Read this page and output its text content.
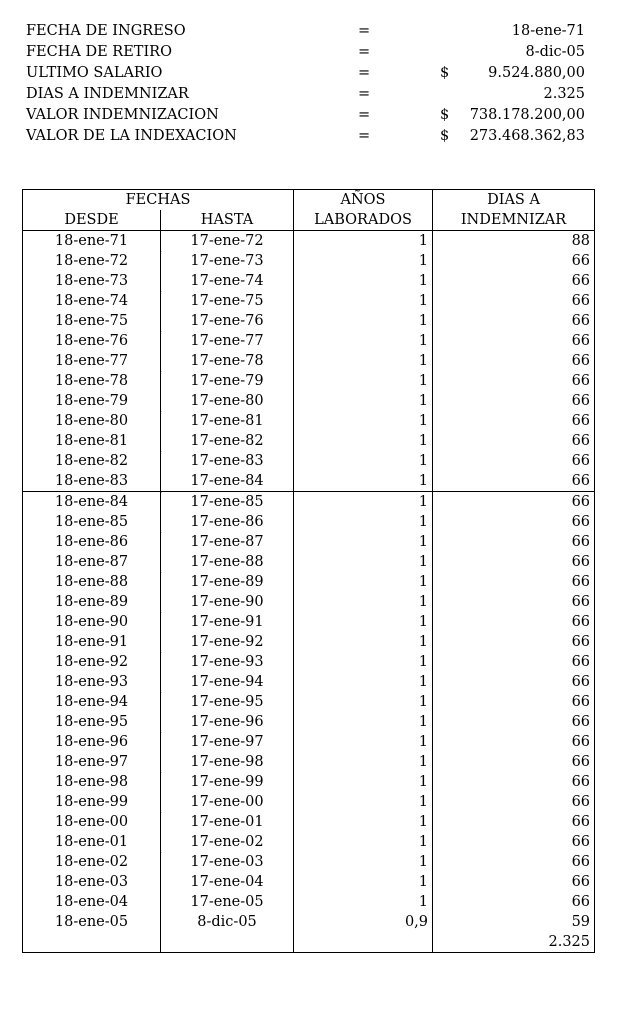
FECHA DE INGRESO	=	18-ene-71
FECHA DE RETIRO	=	8-dic-05
ULTIMO SALARIO	=	$	9.524.880,00
DIAS A INDEMNIZAR	=	2.325
VALOR INDEMNIZACION	=	$ 738.178.200,00
VALOR DE LA INDEXACION	=	$ 273.468.362,83
FECHAS		AÑOS	DIAS A
DESDE	HASTA	LABORADOS	INDEMNIZAR
18-ene-71	17-ene-72	1	88
18-ene-72	17-ene-73	1	66
18-ene-73	17-ene-74	1	66
18-ene-74	17-ene-75	1	66
18-ene-75	17-ene-76	1	66
18-ene-76	17-ene-77	1	66
18-ene-77	17-ene-78	1	66
18-ene-78	17-ene-79	1	66
18-ene-79	17-ene-80	1	66
18-ene-80	17-ene-81	1	66
18-ene-81	17-ene-82	1	66
18-ene-82	17-ene-83	1	66
18-ene-83	17-ene-84	1	66
18-ene-84	17-ene-85	1	66
18-ene-85	17-ene-86	1	66
18-ene-86	17-ene-87	1	66
18-ene-87	17-ene-88	1	66
18-ene-88	17-ene-89	1	66
18-ene-89	17-ene-90	1	66
18-ene-90	17-ene-91	1	66
18-ene-91	17-ene-92	1	66
18-ene-92	17-ene-93	1	66
18-ene-93	17-ene-94	1	66
18-ene-94	17-ene-95	1	66
18-ene-95	17-ene-96	1	66
18-ene-96	17-ene-97	1	66
18-ene-97	17-ene-98	1	66
18-ene-98	17-ene-99	1	66
18-ene-99	17-ene-00	1	66
18-ene-00	17-ene-01	1	66
18-ene-01	17-ene-02	1	66
18-ene-02	17-ene-03	1	66
18-ene-03	17-ene-04	1	66
18-ene-04	17-ene-05	1	66
18-ene-05	8-dic-05	0,9	59
			2.325
